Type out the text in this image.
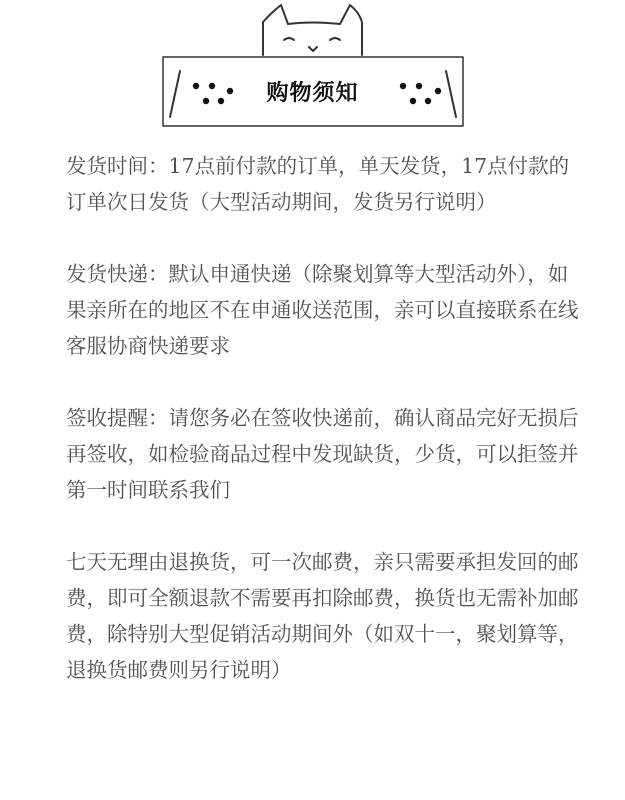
购物须知

发货时间：17点前付款的订单，单天发货，17点付款的订单次日发货（大型活动期间，发货另行说明）

发货快递：默认申通快递（除聚划算等大型活动外），如果亲所在的地区不在申通收送范围，亲可以直接联系在线客服协商快递要求

签收提醒：请您务必在签收快递前，确认商品完好无损后再签收，如检验商品过程中发现缺货，少货，可以拒签并第一时间联系我们

七天无理由退换货，可一次邮费，亲只需要承担发回的邮费，即可全额退款不需要再扣除邮费，换货也无需补加邮费，除特别大型促销活动期间外（如双十一，聚划算等，退换货邮费则另行说明）
